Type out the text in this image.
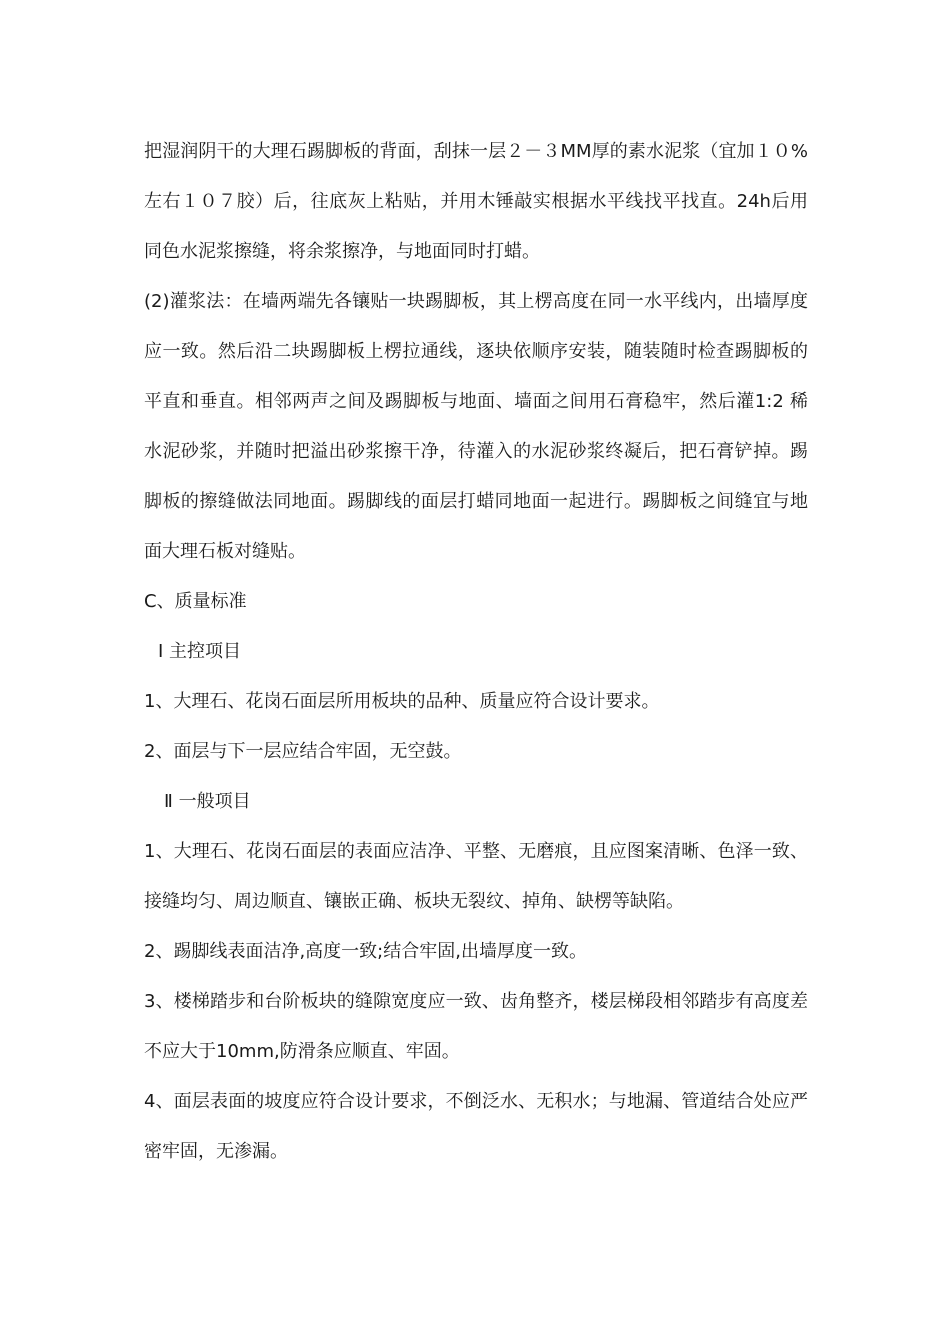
把湿润阴干的大理石踢脚板的背面，刮抹一层２－３MM厚的素水泥浆（宜加１０%左右１０７胶）后，往底灰上粘贴，并用木锤敲实根据水平线找平找直。24h后用同色水泥浆擦缝，将余浆擦净，与地面同时打蜡。

(2)灌浆法：在墙两端先各镶贴一块踢脚板，其上楞高度在同一水平线内，出墙厚度应一致。然后沿二块踢脚板上楞拉通线，逐块依顺序安装，随装随时检查踢脚板的平直和垂直。相邻两声之间及踢脚板与地面、墙面之间用石膏稳牢，然后灌1:2 稀水泥砂浆，并随时把溢出砂浆擦干净，待灌入的水泥砂浆终凝后，把石膏铲掉。踢脚板的擦缝做法同地面。踢脚线的面层打蜡同地面一起进行。踢脚板之间缝宜与地面大理石板对缝贴。

C、质量标准

Ⅰ 主控项目

1、大理石、花岗石面层所用板块的品种、质量应符合设计要求。

2、面层与下一层应结合牢固，无空鼓。

Ⅱ 一般项目

1、大理石、花岗石面层的表面应洁净、平整、无磨痕，且应图案清晰、色泽一致、接缝均匀、周边顺直、镶嵌正确、板块无裂纹、掉角、缺楞等缺陷。

2、踢脚线表面洁净,高度一致;结合牢固,出墙厚度一致。

3、楼梯踏步和台阶板块的缝隙宽度应一致、齿角整齐，楼层梯段相邻踏步有高度差不应大于10mm,防滑条应顺直、牢固。

4、面层表面的坡度应符合设计要求，不倒泛水、无积水；与地漏、管道结合处应严密牢固，无渗漏。
